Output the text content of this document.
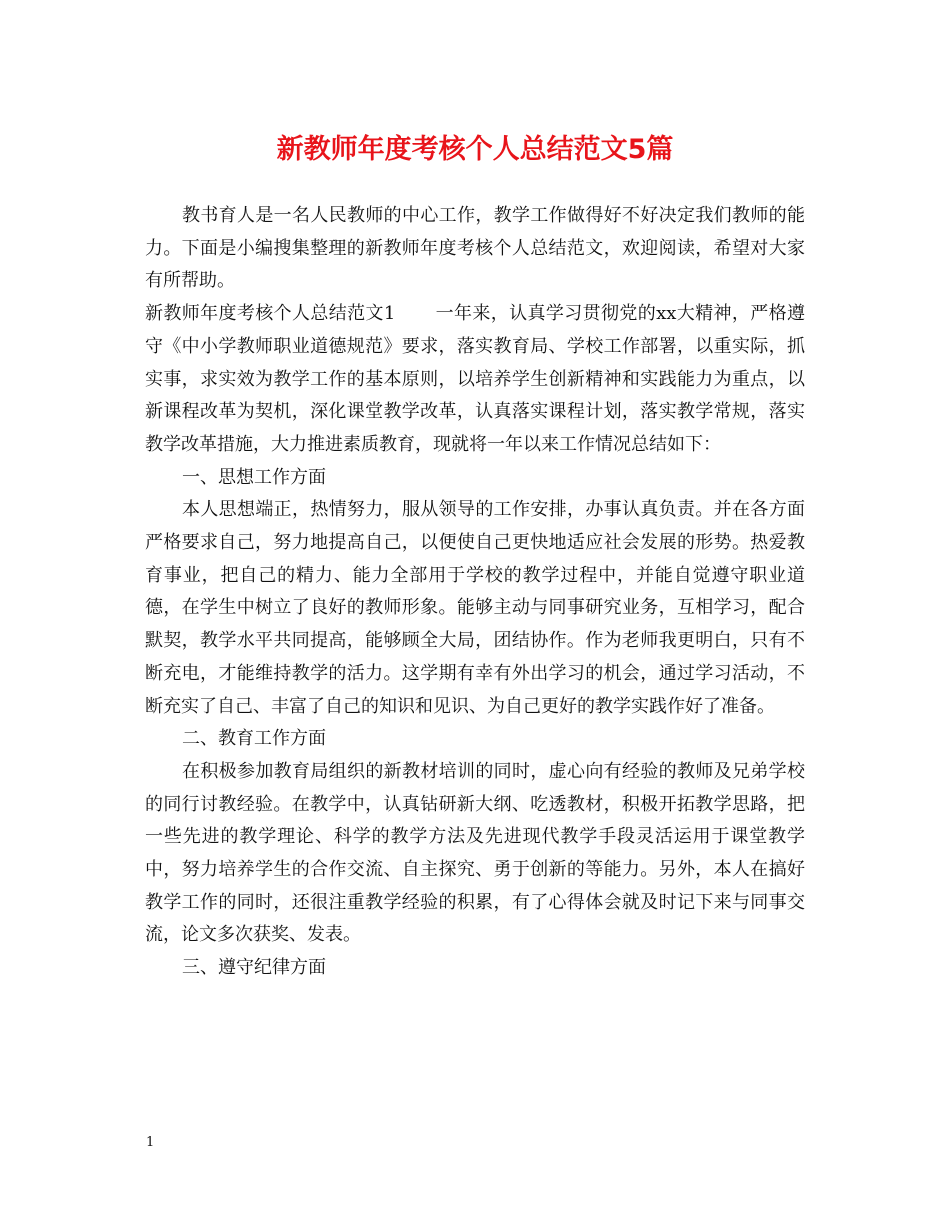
新教师年度考核个人总结范文5篇

教书育人是一名人民教师的中心工作，教学工作做得好不好决定我们教师的能力。下面是小编搜集整理的新教师年度考核个人总结范文，欢迎阅读，希望对大家有所帮助。

新教师年度考核个人总结范文1 一年来，认真学习贯彻党的xx大精神，严格遵守《中小学教师职业道德规范》要求，落实教育局、学校工作部署，以重实际，抓实事，求实效为教学工作的基本原则，以培养学生创新精神和实践能力为重点，以新课程改革为契机，深化课堂教学改革，认真落实课程计划，落实教学常规，落实教学改革措施，大力推进素质教育，现就将一年以来工作情况总结如下：

一、思想工作方面

本人思想端正，热情努力，服从领导的工作安排，办事认真负责。并在各方面严格要求自己，努力地提高自己，以便使自己更快地适应社会发展的形势。热爱教育事业，把自己的精力、能力全部用于学校的教学过程中，并能自觉遵守职业道德，在学生中树立了良好的教师形象。能够主动与同事研究业务，互相学习，配合默契，教学水平共同提高，能够顾全大局，团结协作。作为老师我更明白，只有不断充电，才能维持教学的活力。这学期有幸有外出学习的机会，通过学习活动，不断充实了自己、丰富了自己的知识和见识、为自己更好的教学实践作好了准备。

二、教育工作方面

在积极参加教育局组织的新教材培训的同时，虚心向有经验的教师及兄弟学校的同行讨教经验。在教学中，认真钻研新大纲、吃透教材，积极开拓教学思路，把一些先进的教学理论、科学的教学方法及先进现代教学手段灵活运用于课堂教学中，努力培养学生的合作交流、自主探究、勇于创新的等能力。另外，本人在搞好教学工作的同时，还很注重教学经验的积累，有了心得体会就及时记下来与同事交流，论文多次获奖、发表。

三、遵守纪律方面

1
